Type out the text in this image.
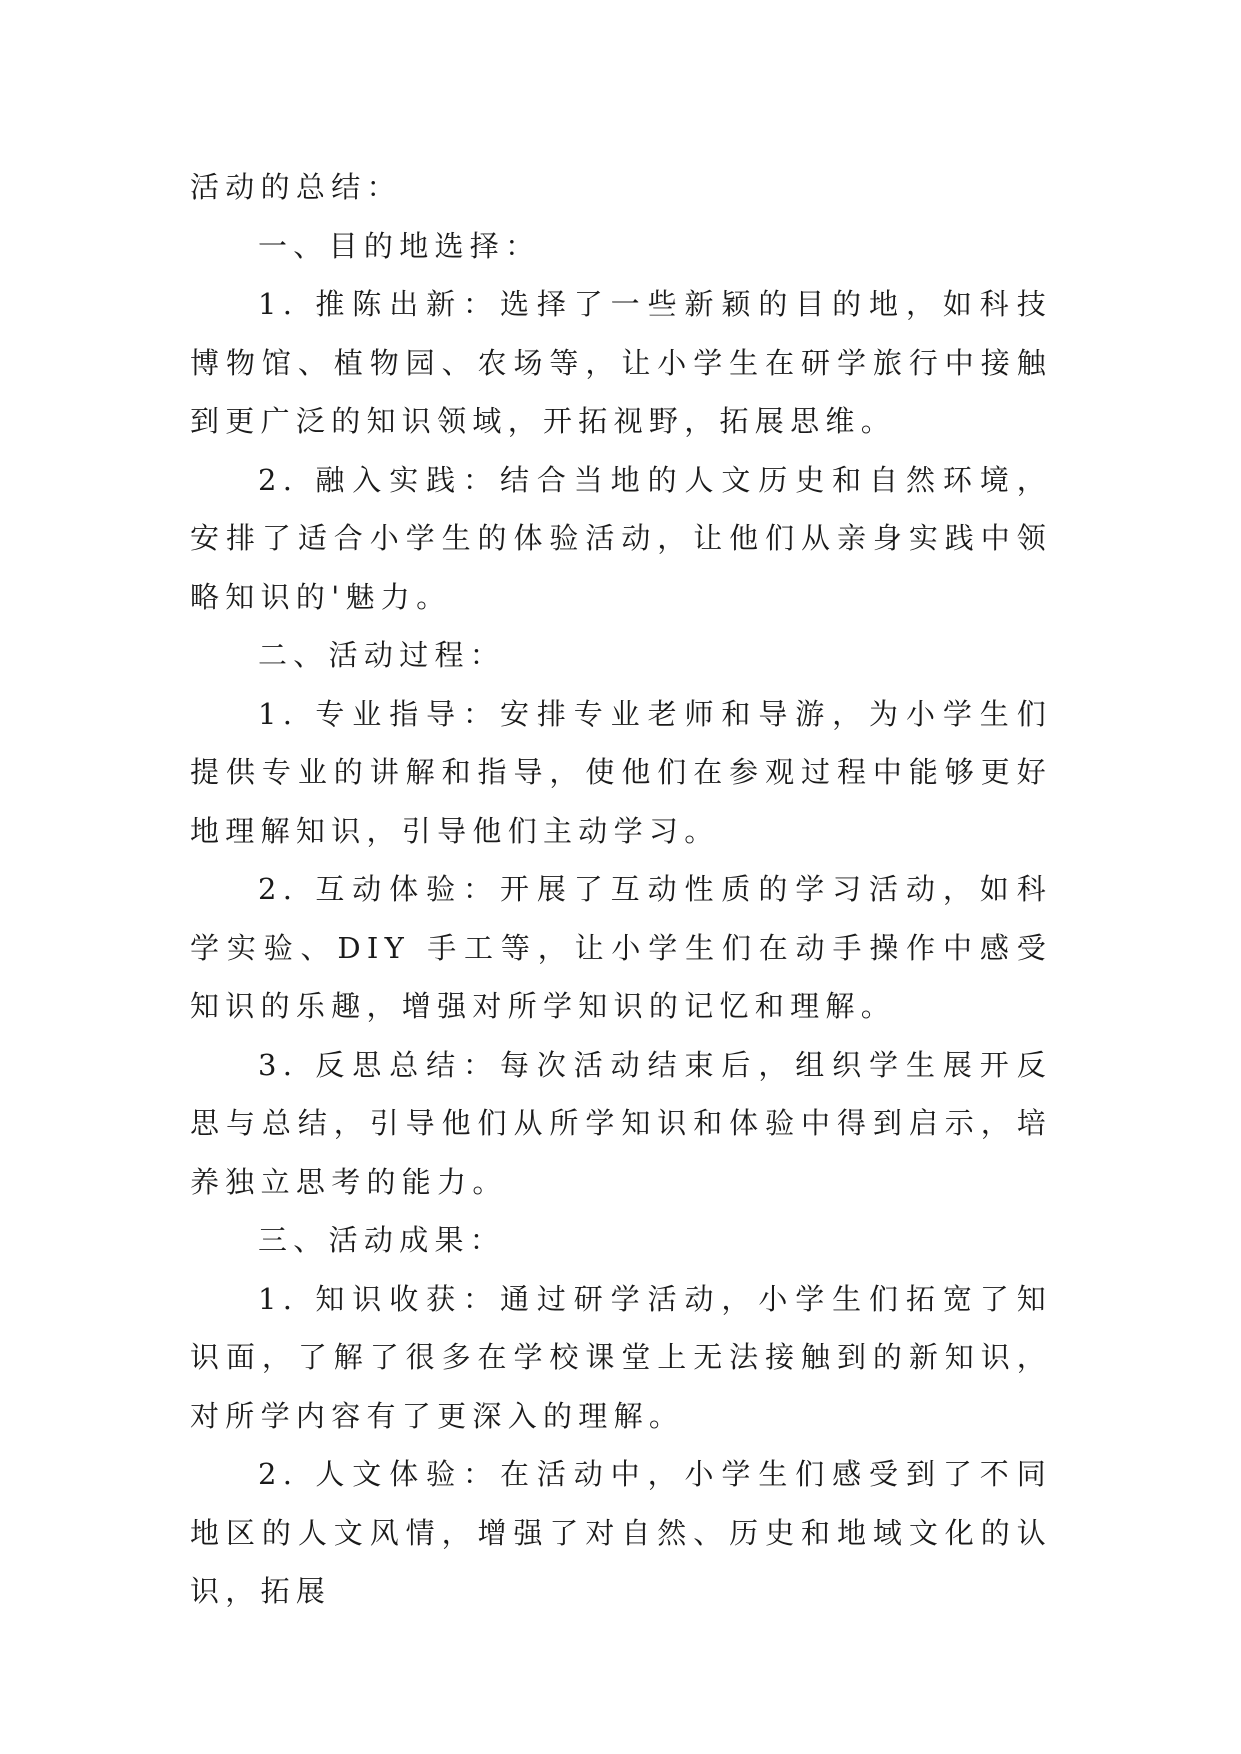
活动的总结：

一、目的地选择：

1. 推陈出新：选择了一些新颖的目的地，如科技博物馆、植物园、农场等，让小学生在研学旅行中接触到更广泛的知识领域，开拓视野，拓展思维。

2. 融入实践：结合当地的人文历史和自然环境，安排了适合小学生的体验活动，让他们从亲身实践中领略知识的'魅力。

二、活动过程：

1. 专业指导：安排专业老师和导游，为小学生们提供专业的讲解和指导，使他们在参观过程中能够更好地理解知识，引导他们主动学习。

2. 互动体验：开展了互动性质的学习活动，如科学实验、DIY 手工等，让小学生们在动手操作中感受知识的乐趣，增强对所学知识的记忆和理解。

3. 反思总结：每次活动结束后，组织学生展开反思与总结，引导他们从所学知识和体验中得到启示，培养独立思考的能力。

三、活动成果：

1. 知识收获：通过研学活动，小学生们拓宽了知识面，了解了很多在学校课堂上无法接触到的新知识，对所学内容有了更深入的理解。

2. 人文体验：在活动中，小学生们感受到了不同地区的人文风情，增强了对自然、历史和地域文化的认识，拓展
